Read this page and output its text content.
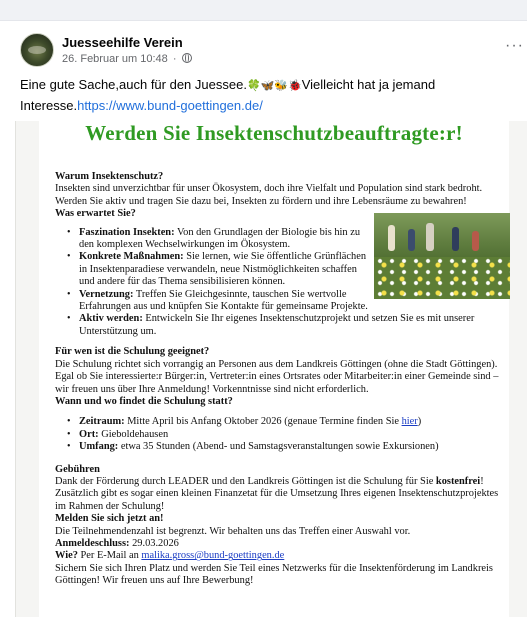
Juesseehilfe Verein
26. Februar um 10:48 ·
···
Eine gute Sache,auch für den Juessee.🍀🦋🐝🐞Vielleicht hat ja jemand Interesse.https://www.bund-goettingen.de/
Werden Sie Insektenschutzbeauftragte:r!

Warum Insektenschutz?

Insekten sind unverzichtbar für unser Ökosystem, doch ihre Vielfalt und Population sind stark bedroht. Werden Sie aktiv und tragen Sie dazu bei, Insekten zu fördern und ihre Lebensräume zu bewahren!

Was erwartet Sie?

• Faszination Insekten: Von den Grundlagen der Biologie bis hin zu den komplexen Wechselwirkungen im Ökosystem.
• Konkrete Maßnahmen: Sie lernen, wie Sie öffentliche Grünflächen in Insektenparadiese verwandeln, neue Nistmöglichkeiten schaffen und andere für das Thema sensibilisieren können.
• Vernetzung: Treffen Sie Gleichgesinnte, tauschen Sie wertvolle Erfahrungen aus und knüpfen Sie Kontakte für gemeinsame Projekte.
• Aktiv werden: Entwickeln Sie Ihr eigenes Insektenschutzprojekt und setzen Sie es mit unserer Unterstützung um.

Für wen ist die Schulung geeignet?

Die Schulung richtet sich vorrangig an Personen aus dem Landkreis Göttingen (ohne die Stadt Göttingen). Egal ob Sie interessierte:r Bürger:in, Vertreter:in eines Ortsrates oder Mitarbeiter:in einer Gemeinde sind – wir freuen uns über Ihre Anmeldung! Vorkenntnisse sind nicht erforderlich.

Wann und wo findet die Schulung statt?

• Zeitraum: Mitte April bis Anfang Oktober 2026 (genaue Termine finden Sie hier)
• Ort: Gieboldehausen
• Umfang: etwa 35 Stunden (Abend- und Samstagsveranstaltungen sowie Exkursionen)

Gebühren

Dank der Förderung durch LEADER und den Landkreis Göttingen ist die Schulung für Sie kostenfrei! Zusätzlich gibt es sogar einen kleinen Finanzetat für die Umsetzung Ihres eigenen Insektenschutzprojektes im Rahmen der Schulung!

Melden Sie sich jetzt an!

Die Teilnehmendenzahl ist begrenzt. Wir behalten uns das Treffen einer Auswahl vor.

Anmeldeschluss: 29.03.2026

Wie? Per E-Mail an malika.gross@bund-goettingen.de

Sichern Sie sich Ihren Platz und werden Sie Teil eines Netzwerks für die Insektenförderung im Landkreis Göttingen! Wir freuen uns auf Ihre Bewerbung!
